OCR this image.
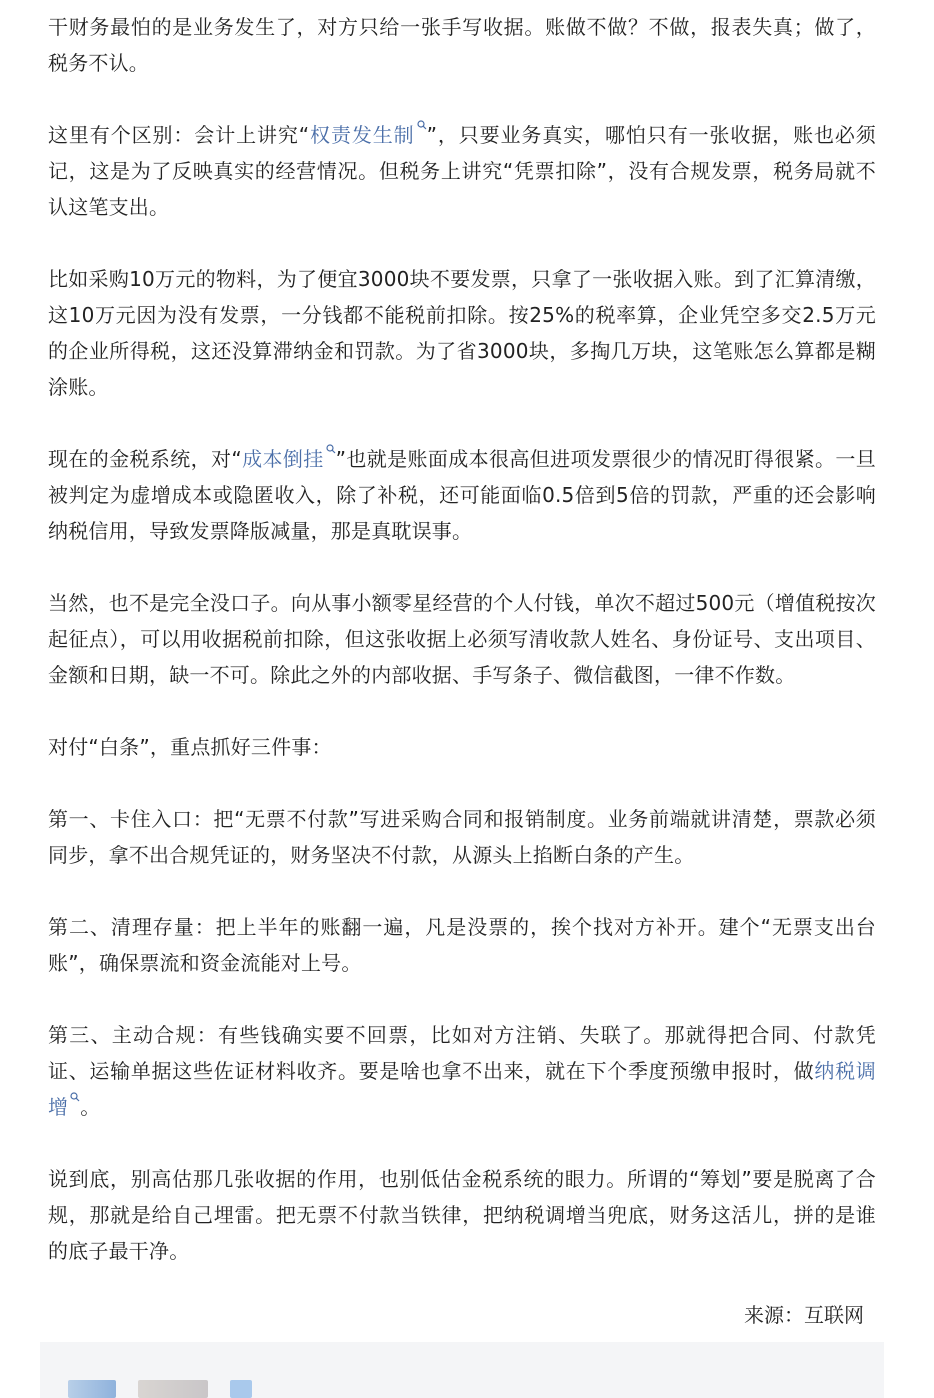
干财务最怕的是业务发生了，对方只给一张手写收据。账做不做？不做，报表失真；做了，税务不认。

这里有个区别：会计上讲究“权责发生制 ”，只要业务真实，哪怕只有一张收据，账也必须记，这是为了反映真实的经营情况。但税务上讲究“凭票扣除”，没有合规发票，税务局就不认这笔支出。

比如采购10万元的物料，为了便宜3000块不要发票，只拿了一张收据入账。到了汇算清缴，这10万元因为没有发票，一分钱都不能税前扣除。按25%的税率算，企业凭空多交2.5万元的企业所得税，这还没算滞纳金和罚款。为了省3000块，多掏几万块，这笔账怎么算都是糊涂账。

现在的金税系统，对“成本倒挂 ”也就是账面成本很高但进项发票很少的情况盯得很紧。一旦被判定为虚增成本或隐匿收入，除了补税，还可能面临0.5倍到5倍的罚款，严重的还会影响纳税信用，导致发票降版减量，那是真耽误事。

当然，也不是完全没口子。向从事小额零星经营的个人付钱，单次不超过500元（增值税按次起征点），可以用收据税前扣除，但这张收据上必须写清收款人姓名、身份证号、支出项目、金额和日期，缺一不可。除此之外的内部收据、手写条子、微信截图，一律不作数。

对付“白条”，重点抓好三件事：

第一、卡住入口：把“无票不付款”写进采购合同和报销制度。业务前端就讲清楚，票款必须同步，拿不出合规凭证的，财务坚决不付款，从源头上掐断白条的产生。

第二、清理存量：把上半年的账翻一遍，凡是没票的，挨个找对方补开。建个“无票支出台账”，确保票流和资金流能对上号。

第三、主动合规：有些钱确实要不回票，比如对方注销、失联了。那就得把合同、付款凭证、运输单据这些佐证材料收齐。要是啥也拿不出来，就在下个季度预缴申报时，做纳税调增 。

说到底，别高估那几张收据的作用，也别低估金税系统的眼力。所谓的“筹划”要是脱离了合规，那就是给自己埋雷。把无票不付款当铁律，把纳税调增当兜底，财务这活儿，拼的是谁的底子最干净。

来源：互联网
